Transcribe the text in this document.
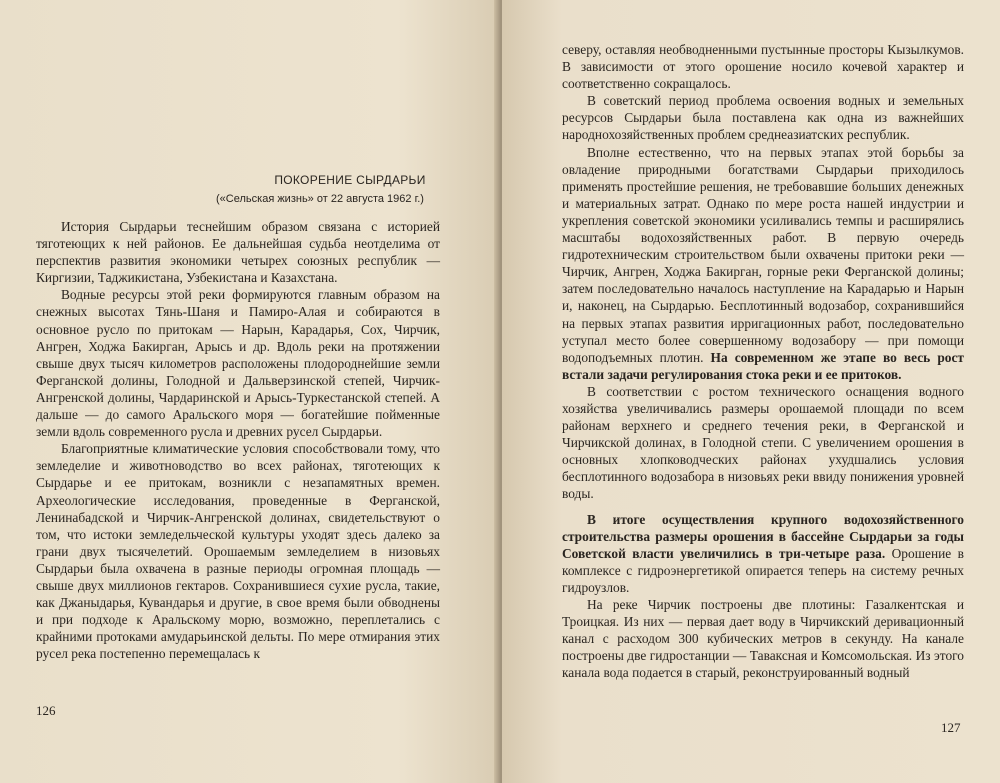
ПОКОРЕНИЕ СЫРДАРЬИ
(«Сельская жизнь» от 22 августа 1962 г.)

История Сырдарьи теснейшим образом связана с историей тяготеющих к ней районов. Ее дальнейшая судьба неотделима от перспектив развития экономики четырех союзных республик — Киргизии, Таджикистана, Узбекистана и Казахстана.

Водные ресурсы этой реки формируются главным образом на снежных высотах Тянь-Шаня и Памиро-Алая и собираются в основное русло по притокам — Нарын, Карадарья, Сох, Чирчик, Ангрен, Ходжа Бакирган, Арысь и др. Вдоль реки на протяжении свыше двух тысяч километров расположены плодороднейшие земли Ферганской долины, Голодной и Дальверзинской степей, Чирчик-Ангренской долины, Чардаринской и Арысь-Туркестанской степей. А дальше — до самого Аральского моря — богатейшие пойменные земли вдоль современного русла и древних русел Сырдарьи.

Благоприятные климатические условия способствовали тому, что земледелие и животноводство во всех районах, тяготеющих к Сырдарье и ее притокам, возникли с незапамятных времен. Археологические исследования, проведенные в Ферганской, Ленинабадской и Чирчик-Ангренской долинах, свидетельствуют о том, что истоки земледельческой культуры уходят здесь далеко за грани двух тысячелетий. Орошаемым земледелием в низовьях Сырдарьи была охвачена в разные периоды огромная площадь — свыше двух миллионов гектаров. Сохранившиеся сухие русла, такие, как Джаныдарья, Кувандарья и другие, в свое время были обводнены и при подходе к Аральскому морю, возможно, переплетались с крайними протоками амударьинской дельты. По мере отмирания этих русел река постепенно перемещалась к

126

северу, оставляя необводненными пустынные просторы Кызылкумов. В зависимости от этого орошение носило кочевой характер и соответственно сокращалось.

В советский период проблема освоения водных и земельных ресурсов Сырдарьи была поставлена как одна из важнейших народнохозяйственных проблем среднеазиатских республик.

Вполне естественно, что на первых этапах этой борьбы за овладение природными богатствами Сырдарьи приходилось применять простейшие решения, не требовавшие больших денежных и материальных затрат. Однако по мере роста нашей индустрии и укрепления советской экономики усиливались темпы и расширялись масштабы водохозяйственных работ. В первую очередь гидротехническим строительством были охвачены притоки реки — Чирчик, Ангрен, Ходжа Бакирган, горные реки Ферганской долины; затем последовательно началось наступление на Карадарью и Нарын и, наконец, на Сырдарью. Бесплотинный водозабор, сохранившийся на первых этапах развития ирригационных работ, последовательно уступал место более совершенному водозабору — при помощи водоподъемных плотин. На современном же этапе во весь рост встали задачи регулирования стока реки и ее притоков.

В соответствии с ростом технического оснащения водного хозяйства увеличивались размеры орошаемой площади по всем районам верхнего и среднего течения реки, в Ферганской и Чирчикской долинах, в Голодной степи. С увеличением орошения в основных хлопководческих районах ухудшались условия бесплотинного водозабора в низовьях реки ввиду понижения уровней воды.

В итоге осуществления крупного водохозяйственного строительства размеры орошения в бассейне Сырдарьи за годы Советской власти увеличились в три-четыре раза. Орошение в комплексе с гидроэнергетикой опирается теперь на систему речных гидроузлов.

На реке Чирчик построены две плотины: Газалкентская и Троицкая. Из них — первая дает воду в Чирчикский деривационный канал с расходом 300 кубических метров в секунду. На канале построены две гидростанции — Таваксная и Комсомольская. Из этого канала вода подается в старый, реконструированный водный

127
